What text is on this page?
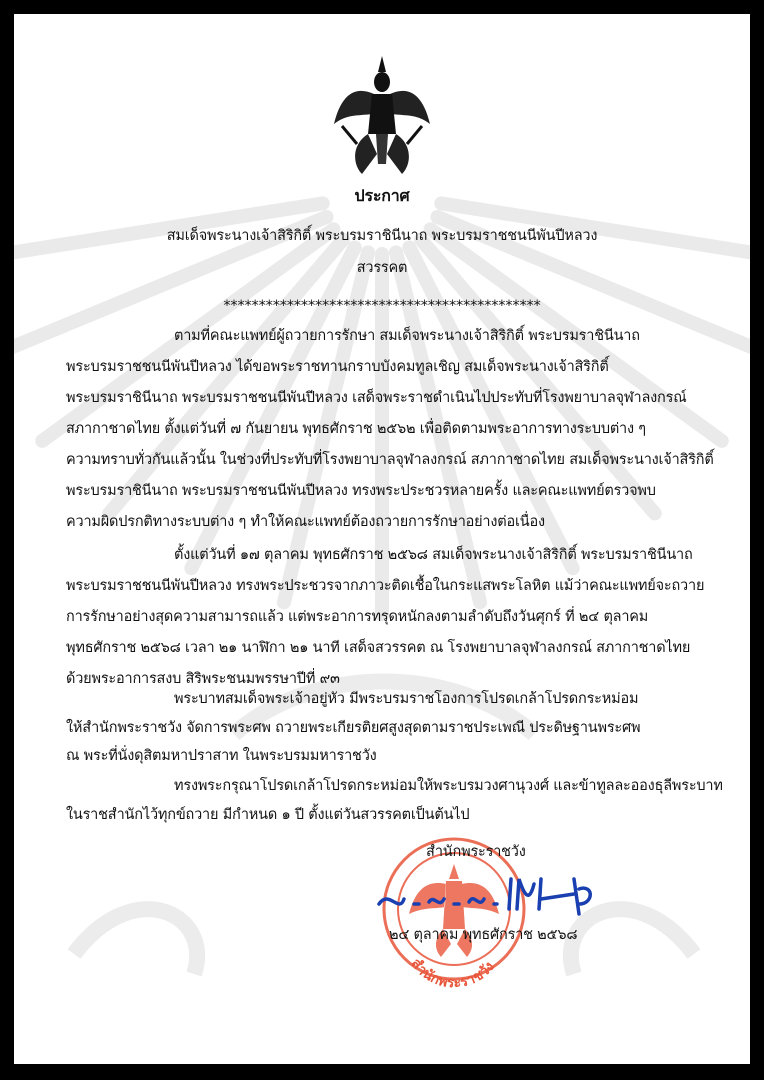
ประกาศ
สมเด็จพระนางเจ้าสิริกิติ์ พระบรมราชินีนาถ พระบรมราชชนนีพันปีหลวง
สวรรคต
*********************************************
ตามที่คณะแพทย์ผู้ถวายการรักษา สมเด็จพระนางเจ้าสิริกิติ์ พระบรมราชินีนาถ
พระบรมราชชนนีพันปีหลวง ได้ขอพระราชทานกราบบังคมทูลเชิญ สมเด็จพระนางเจ้าสิริกิติ์
พระบรมราชินีนาถ พระบรมราชชนนีพันปีหลวง เสด็จพระราชดำเนินไปประทับที่โรงพยาบาลจุฬาลงกรณ์
สภากาชาดไทย ตั้งแต่วันที่ ๗ กันยายน พุทธศักราช ๒๕๖๒ เพื่อติดตามพระอาการทางระบบต่าง ๆ
ความทราบทั่วกันแล้วนั้น ในช่วงที่ประทับที่โรงพยาบาลจุฬาลงกรณ์ สภากาชาดไทย สมเด็จพระนางเจ้าสิริกิติ์
พระบรมราชินีนาถ พระบรมราชชนนีพันปีหลวง ทรงพระประชวรหลายครั้ง และคณะแพทย์ตรวจพบ
ความผิดปรกติทางระบบต่าง ๆ ทำให้คณะแพทย์ต้องถวายการรักษาอย่างต่อเนื่อง
ตั้งแต่วันที่ ๑๗ ตุลาคม พุทธศักราช ๒๕๖๘ สมเด็จพระนางเจ้าสิริกิติ์ พระบรมราชินีนาถ
พระบรมราชชนนีพันปีหลวง ทรงพระประชวรจากภาวะติดเชื้อในกระแสพระโลหิต แม้ว่าคณะแพทย์จะถวาย
การรักษาอย่างสุดความสามารถแล้ว แต่พระอาการทรุดหนักลงตามลำดับถึงวันศุกร์ ที่ ๒๔ ตุลาคม
พุทธศักราช ๒๕๖๘ เวลา ๒๑ นาฬิกา ๒๑ นาที เสด็จสวรรคต ณ โรงพยาบาลจุฬาลงกรณ์ สภากาชาดไทย
ด้วยพระอาการสงบ สิริพระชนมพรรษาปีที่ ๙๓
พระบาทสมเด็จพระเจ้าอยู่หัว มีพระบรมราชโองการโปรดเกล้าโปรดกระหม่อม
ให้สำนักพระราชวัง จัดการพระศพ ถวายพระเกียรติยศสูงสุดตามราชประเพณี ประดิษฐานพระศพ
ณ พระที่นั่งดุสิตมหาปราสาท ในพระบรมมหาราชวัง
ทรงพระกรุณาโปรดเกล้าโปรดกระหม่อมให้พระบรมวงศานุวงศ์ และข้าทูลละอองธุลีพระบาท
ในราชสำนักไว้ทุกข์ถวาย มีกำหนด ๑ ปี ตั้งแต่วันสวรรคตเป็นต้นไป
สำนักพระราชวัง
สำนักพระราชวัง
๒๔ ตุลาคม พุทธศักราช ๒๕๖๘
